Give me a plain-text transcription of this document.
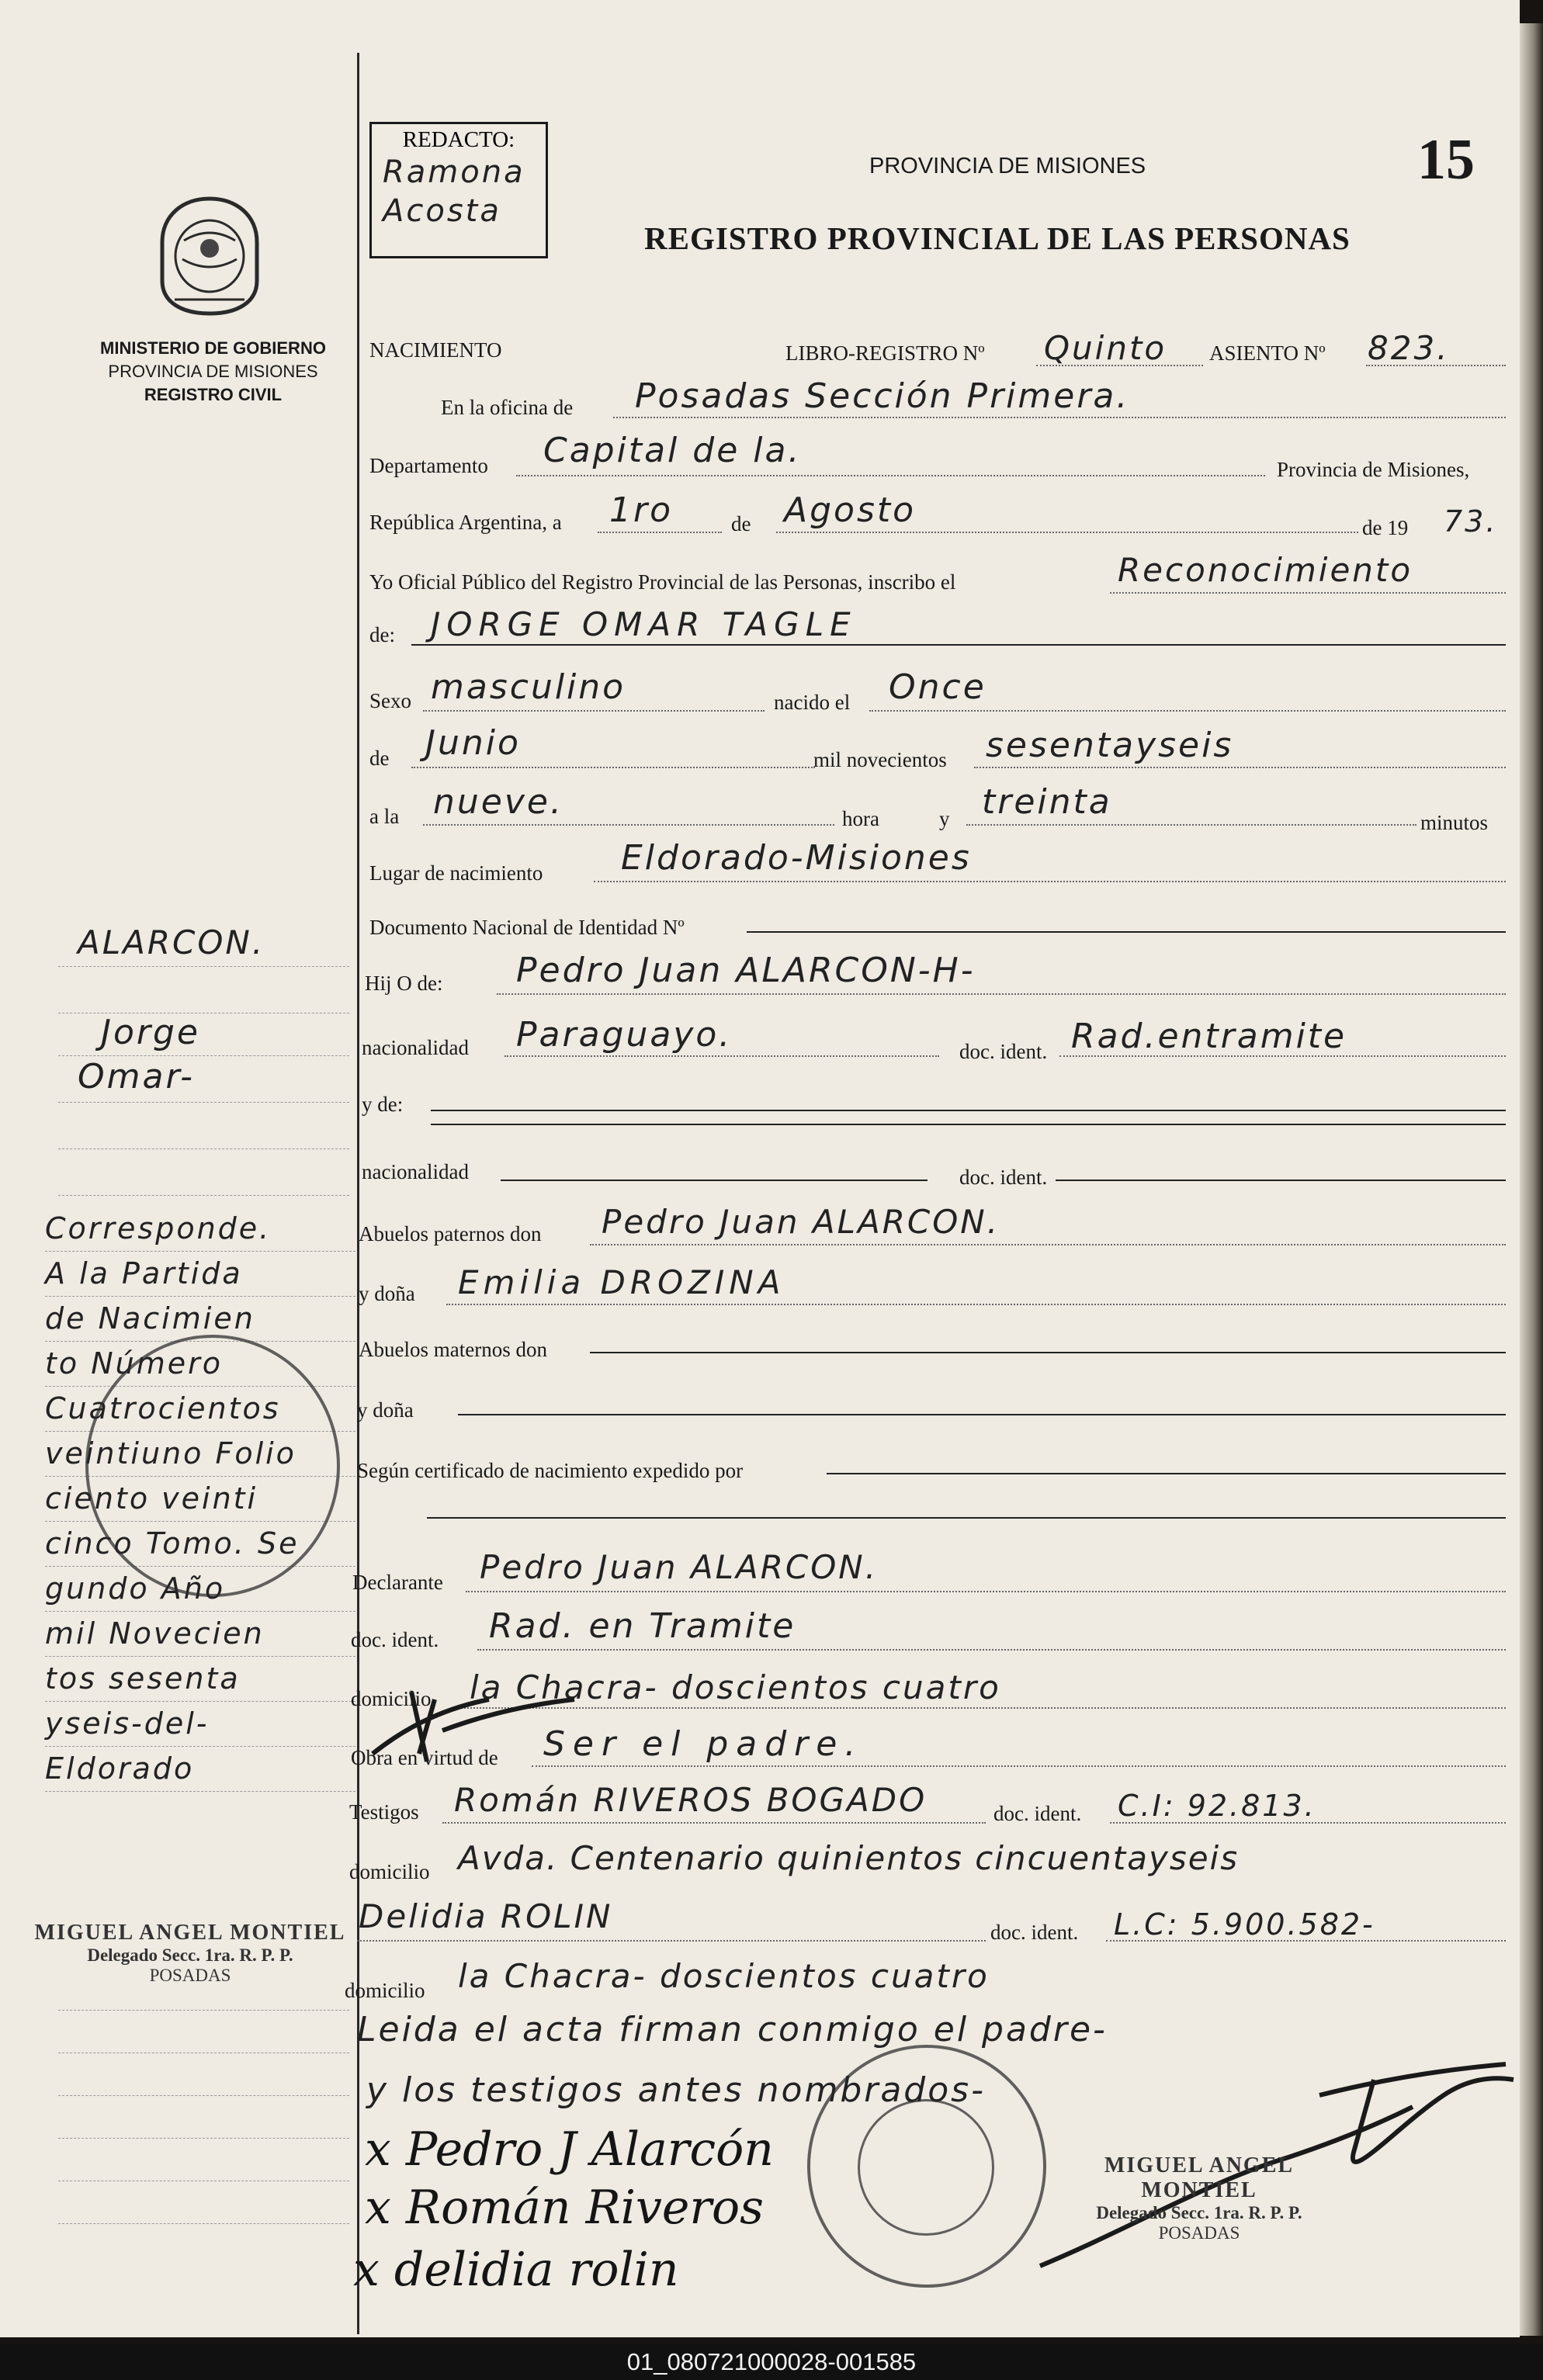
MINISTERIO DE GOBIERNO
PROVINCIA DE MISIONES
REGISTRO CIVIL
ALARCON.
Jorge
Omar-
Corresponde.
A la Partida
de Nacimien
to Número
Cuatrocientos
veintiuno Folio
ciento veinti
cinco Tomo. Se
gundo Año
mil Novecien
tos sesenta
yseis-del-
Eldorado
MIGUEL ANGEL MONTIEL
Delegado Secc. 1ra. R. P. P.
POSADAS
REDACTO:
Ramona
Acosta
PROVINCIA DE MISIONES
REGISTRO PROVINCIAL DE LAS PERSONAS
15
NACIMIENTO	LIBRO-REGISTRO Nº Quinto ASIENTO Nº 823.
En la oficina de Posadas Sección Primera.
Departamento Capital de la.	Provincia de Misiones,
República Argentina, a 1ro	de Agosto	de 19 73.
Yo Oficial Público del Registro Provincial de las Personas, inscribo el	Reconocimiento
de: JORGE OMAR TAGLE
Sexo masculino	nacido el Once
de Junio	mil novecientos sesentayseis
a la nueve.	hora	y treinta
minutos
Lugar de nacimiento Eldorado-Misiones
Documento Nacional de Identidad Nº
Hij O de: Pedro Juan ALARCON-H-
nacionalidad Paraguayo.	doc. ident. Rad.entramite
y de:
nacionalidad	doc. ident.
Abuelos paternos don Pedro Juan ALARCON.
y doña Emilia DROZINA
Abuelos maternos don
y doña
Según certificado de nacimiento expedido por
Declarante Pedro Juan ALARCON.
doc. ident. Rad. en Tramite
domicilio la Chacra- doscientos cuatro
Obra en virtud de Ser el padre.
Testigos Román RIVEROS BOGADO	doc. ident. C.I: 92.813.
domicilio Avda. Centenario quinientos cincuentayseis
Delidia ROLIN	doc. ident. L.C: 5.900.582-
domicilio la Chacra- doscientos cuatro
Leida el acta firman conmigo el padre-
y los testigos antes nombrados-
x Pedro J Alarcón
x Román Riveros
x delidia rolin
MIGUEL ANGEL MONTIEL
Delegado Secc. 1ra. R. P. P.
POSADAS
01_080721000028-001585
